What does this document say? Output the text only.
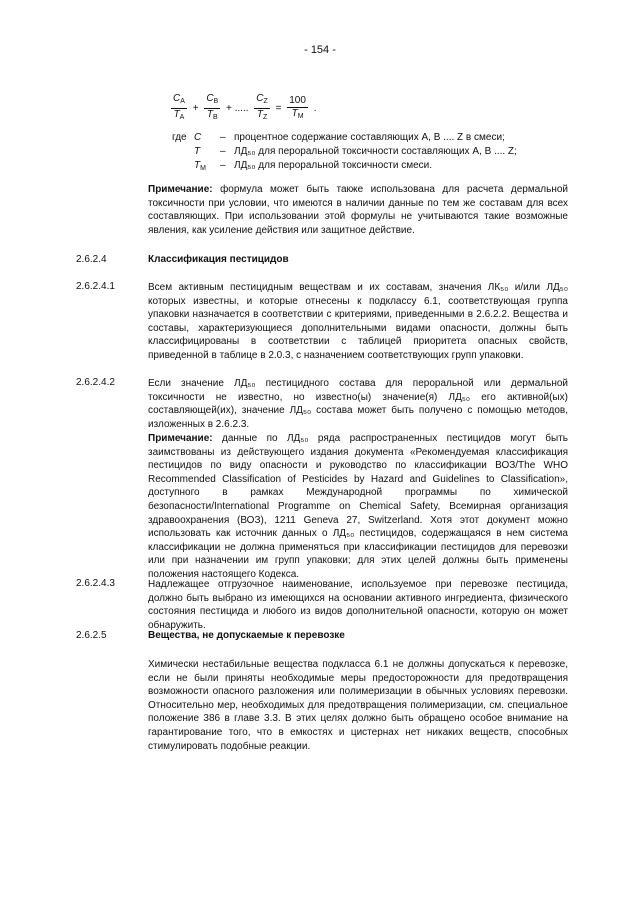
- 154 -
$\frac{C_A}{T_A} + \frac{C_B}{T_B}$ + ..... $\frac{C_Z}{T_Z} = \frac{100}{T_M}$ .
где C	– процентное содержание составляющих А, В .... Z в смеси;
T	– ЛД₅₀ для пероральной токсичности составляющих А, В .... Z;
$T_M$	– ЛД₅₀ для пероральной токсичности смеси.
Примечание: формула может быть также использована для расчета дермальной токсичности при условии, что имеются в наличии данные по тем же составам для всех составляющих. При использовании этой формулы не учитываются такие возможные явления, как усиление действия или защитное действие.
2.6.2.4	Классификация пестицидов
2.6.2.4.1	Всем активным пестицидным веществам и их составам, значения ЛК₅₀ и/или ЛД₅₀ которых известны, и которые отнесены к подклассу 6.1, соответствующая группа упаковки назначается в соответствии с критериями, приведенными в 2.6.2.2. Вещества и составы, характеризующиеся дополнительными видами опасности, должны быть классифицированы в соответствии с таблицей приоритета опасных свойств, приведенной в таблице в 2.0.3, с назначением соответствующих групп упаковки.
2.6.2.4.2	Если значение ЛД₅₀ пестицидного состава для пероральной или дермальной токсичности не известно, но известно(ы) значение(я) ЛД₅₀ его активной(ых) составляющей(их), значение ЛД₅₀ состава может быть получено с помощью методов, изложенных в 2.6.2.3.
Примечание: данные по ЛД₅₀ ряда распространенных пестицидов могут быть заимствованы из действующего издания документа «Рекомендуемая классификация пестицидов по виду опасности и руководство по классификации ВОЗ/The WHO Recommended Classification of Pesticides by Hazard and Guidelines to Classification», доступного в рамках Международной программы по химической безопасности/International Programme on Chemical Safety, Всемирная организация здравоохранения (ВОЗ), 1211 Geneva 27, Switzerland. Хотя этот документ можно использовать как источник данных о ЛД₅₀ пестицидов, содержащаяся в нем система классификации не должна применяться при классификации пестицидов для перевозки или при назначении им групп упаковки; для этих целей должны быть применены положения настоящего Кодекса.
2.6.2.4.3	Надлежащее отгрузочное наименование, используемое при перевозке пестицида, должно быть выбрано из имеющихся на основании активного ингредиента, физического состояния пестицида и любого из видов дополнительной опасности, которую он может обнаружить.
2.6.2.5	Вещества, не допускаемые к перевозке
Химически нестабильные вещества подкласса 6.1 не должны допускаться к перевозке, если не были приняты необходимые меры предосторожности для предотвращения возможности опасного разложения или полимеризации в обычных условиях перевозки. Относительно мер, необходимых для предотвращения полимеризации, см. специальное положение 386 в главе 3.3. В этих целях должно быть обращено особое внимание на гарантирование того, что в емкостях и цистернах нет никаких веществ, способных стимулировать подобные реакции.
